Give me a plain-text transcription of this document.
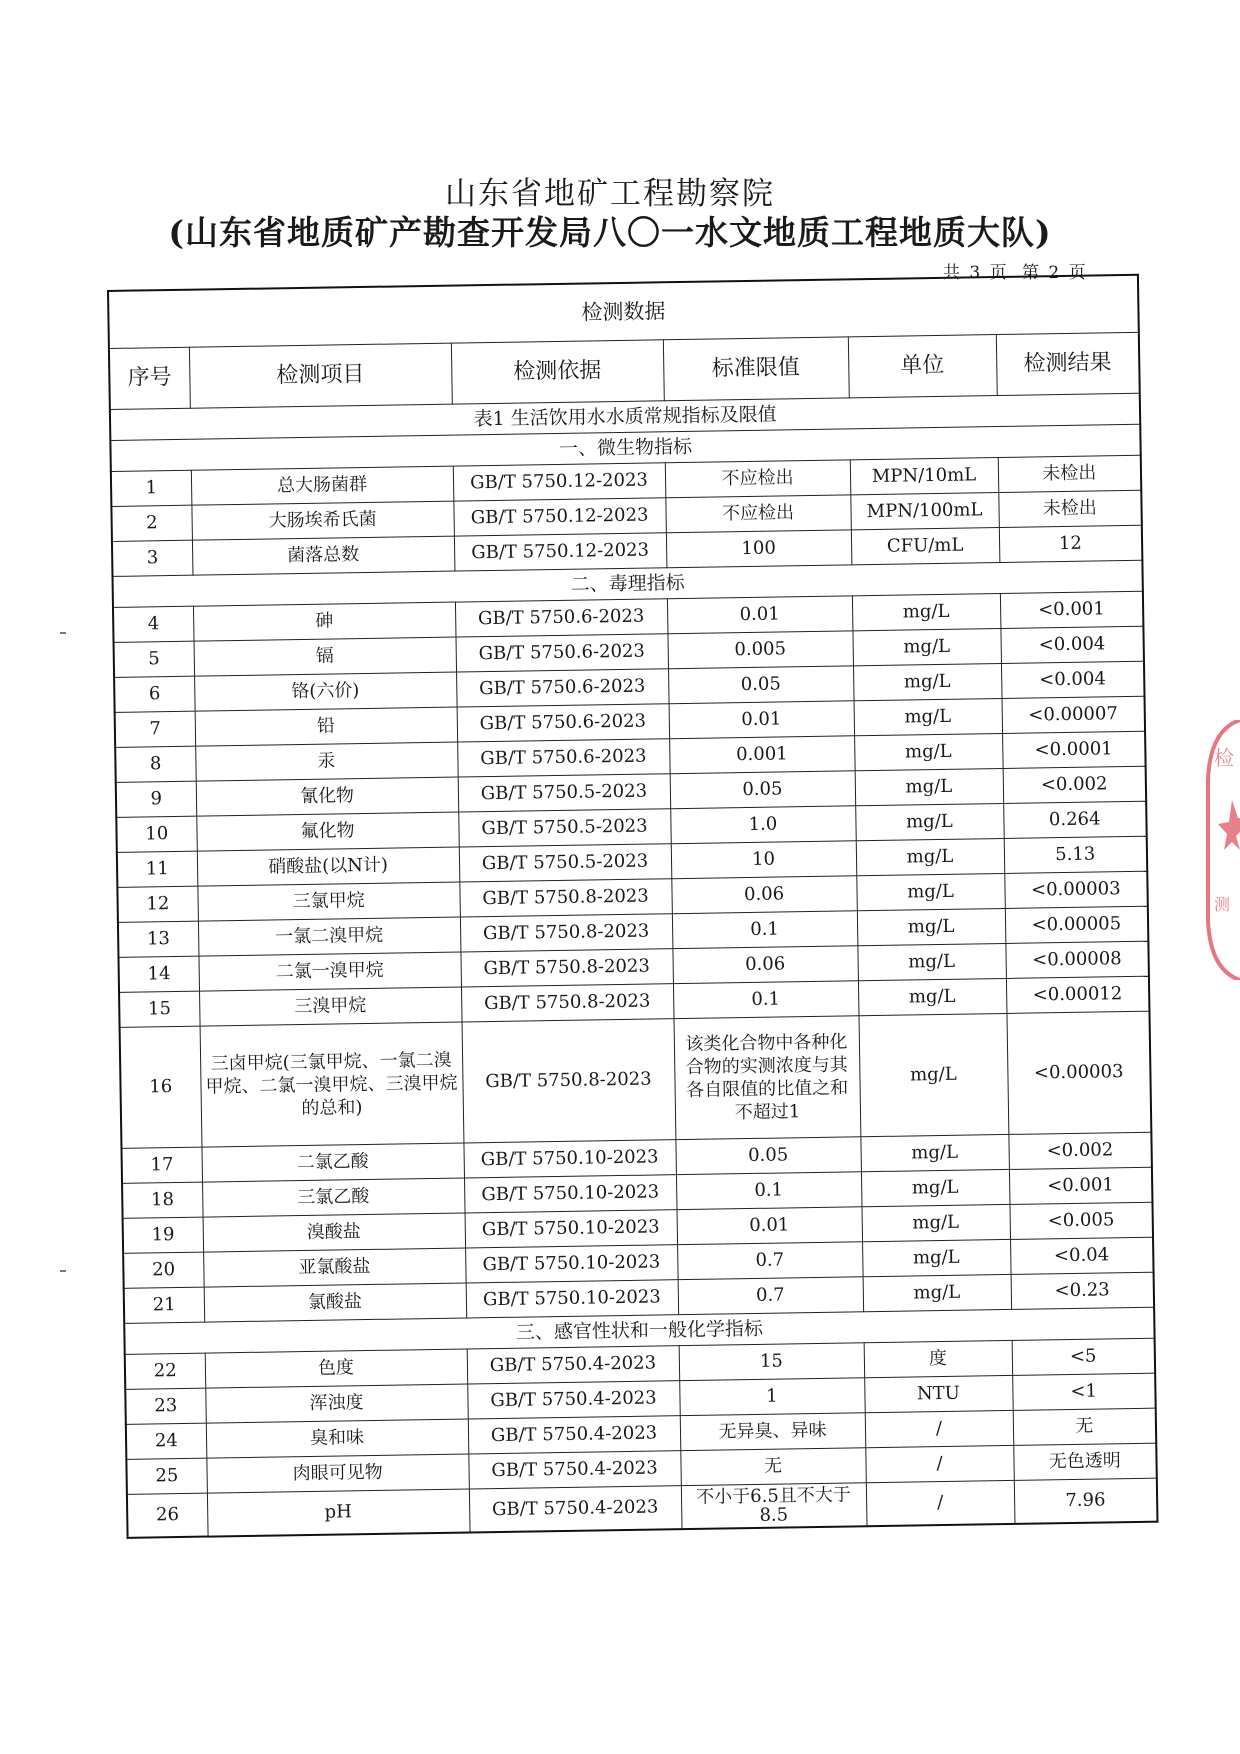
山东省地矿工程勘察院
(山东省地质矿产勘查开发局八〇一水文地质工程地质大队)
共 3 页 第 2 页
检测数据					
序号	检测项目	检测依据	标准限值	单位	检测结果
表1 生活饮用水水质常规指标及限值					
一、微生物指标					
1	总大肠菌群	GB/T 5750.12-2023	不应检出	MPN/10mL	未检出
2	大肠埃希氏菌	GB/T 5750.12-2023	不应检出	MPN/100mL	未检出
3	菌落总数	GB/T 5750.12-2023	100	CFU/mL	12
二、毒理指标					
4	砷	GB/T 5750.6-2023	0.01	mg/L	<0.001
5	镉	GB/T 5750.6-2023	0.005	mg/L	<0.004
6	铬(六价)	GB/T 5750.6-2023	0.05	mg/L	<0.004
7	铅	GB/T 5750.6-2023	0.01	mg/L	<0.00007
8	汞	GB/T 5750.6-2023	0.001	mg/L	<0.0001
9	氰化物	GB/T 5750.5-2023	0.05	mg/L	<0.002
10	氟化物	GB/T 5750.5-2023	1.0	mg/L	0.264
11	硝酸盐(以N计)	GB/T 5750.5-2023	10	mg/L	5.13
12	三氯甲烷	GB/T 5750.8-2023	0.06	mg/L	<0.00003
13	一氯二溴甲烷	GB/T 5750.8-2023	0.1	mg/L	<0.00005
14	二氯一溴甲烷	GB/T 5750.8-2023	0.06	mg/L	<0.00008
15	三溴甲烷	GB/T 5750.8-2023	0.1	mg/L	<0.00012
16	三卤甲烷(三氯甲烷、一氯二溴甲烷、二氯一溴甲烷、三溴甲烷的总和)	GB/T 5750.8-2023	该类化合物中各种化合物的实测浓度与其各自限值的比值之和不超过1	mg/L	<0.00003
17	二氯乙酸	GB/T 5750.10-2023	0.05	mg/L	<0.002
18	三氯乙酸	GB/T 5750.10-2023	0.1	mg/L	<0.001
19	溴酸盐	GB/T 5750.10-2023	0.01	mg/L	<0.005
20	亚氯酸盐	GB/T 5750.10-2023	0.7	mg/L	<0.04
21	氯酸盐	GB/T 5750.10-2023	0.7	mg/L	<0.23
三、感官性状和一般化学指标					
22	色度	GB/T 5750.4-2023	15	度	<5
23	浑浊度	GB/T 5750.4-2023	1	NTU	<1
24	臭和味	GB/T 5750.4-2023	无异臭、异味	/	无
25	肉眼可见物	GB/T 5750.4-2023	无	/	无色透明
26	pH	GB/T 5750.4-2023	不小于6.5且不大于8.5	/	7.96
检
测
